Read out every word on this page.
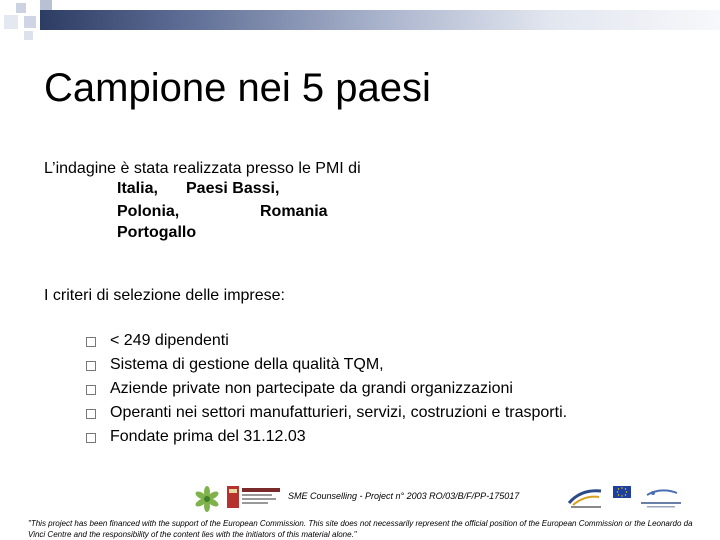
Campione nei 5 paesi
L’indagine è stata realizzata presso le PMI di
Italia, Paesi Bassi,
Polonia,	Romania
Portogallo
I criteri di selezione delle imprese:
< 249 dipendenti
Sistema di gestione della qualità TQM,
Aziende private non partecipate da grandi organizzazioni
Operanti nei settori manufatturieri, servizi, costruzioni e trasporti.
Fondate prima del 31.12.03
SME Counselling - Project n° 2003 RO/03/B/F/PP-175017
"This project has been financed with the support of the European Commission. This site does not necessarily represent the official position of the European Commission or the Leonardo da Vinci Centre and the responsibility of the content lies with the initiators of this material alone."
